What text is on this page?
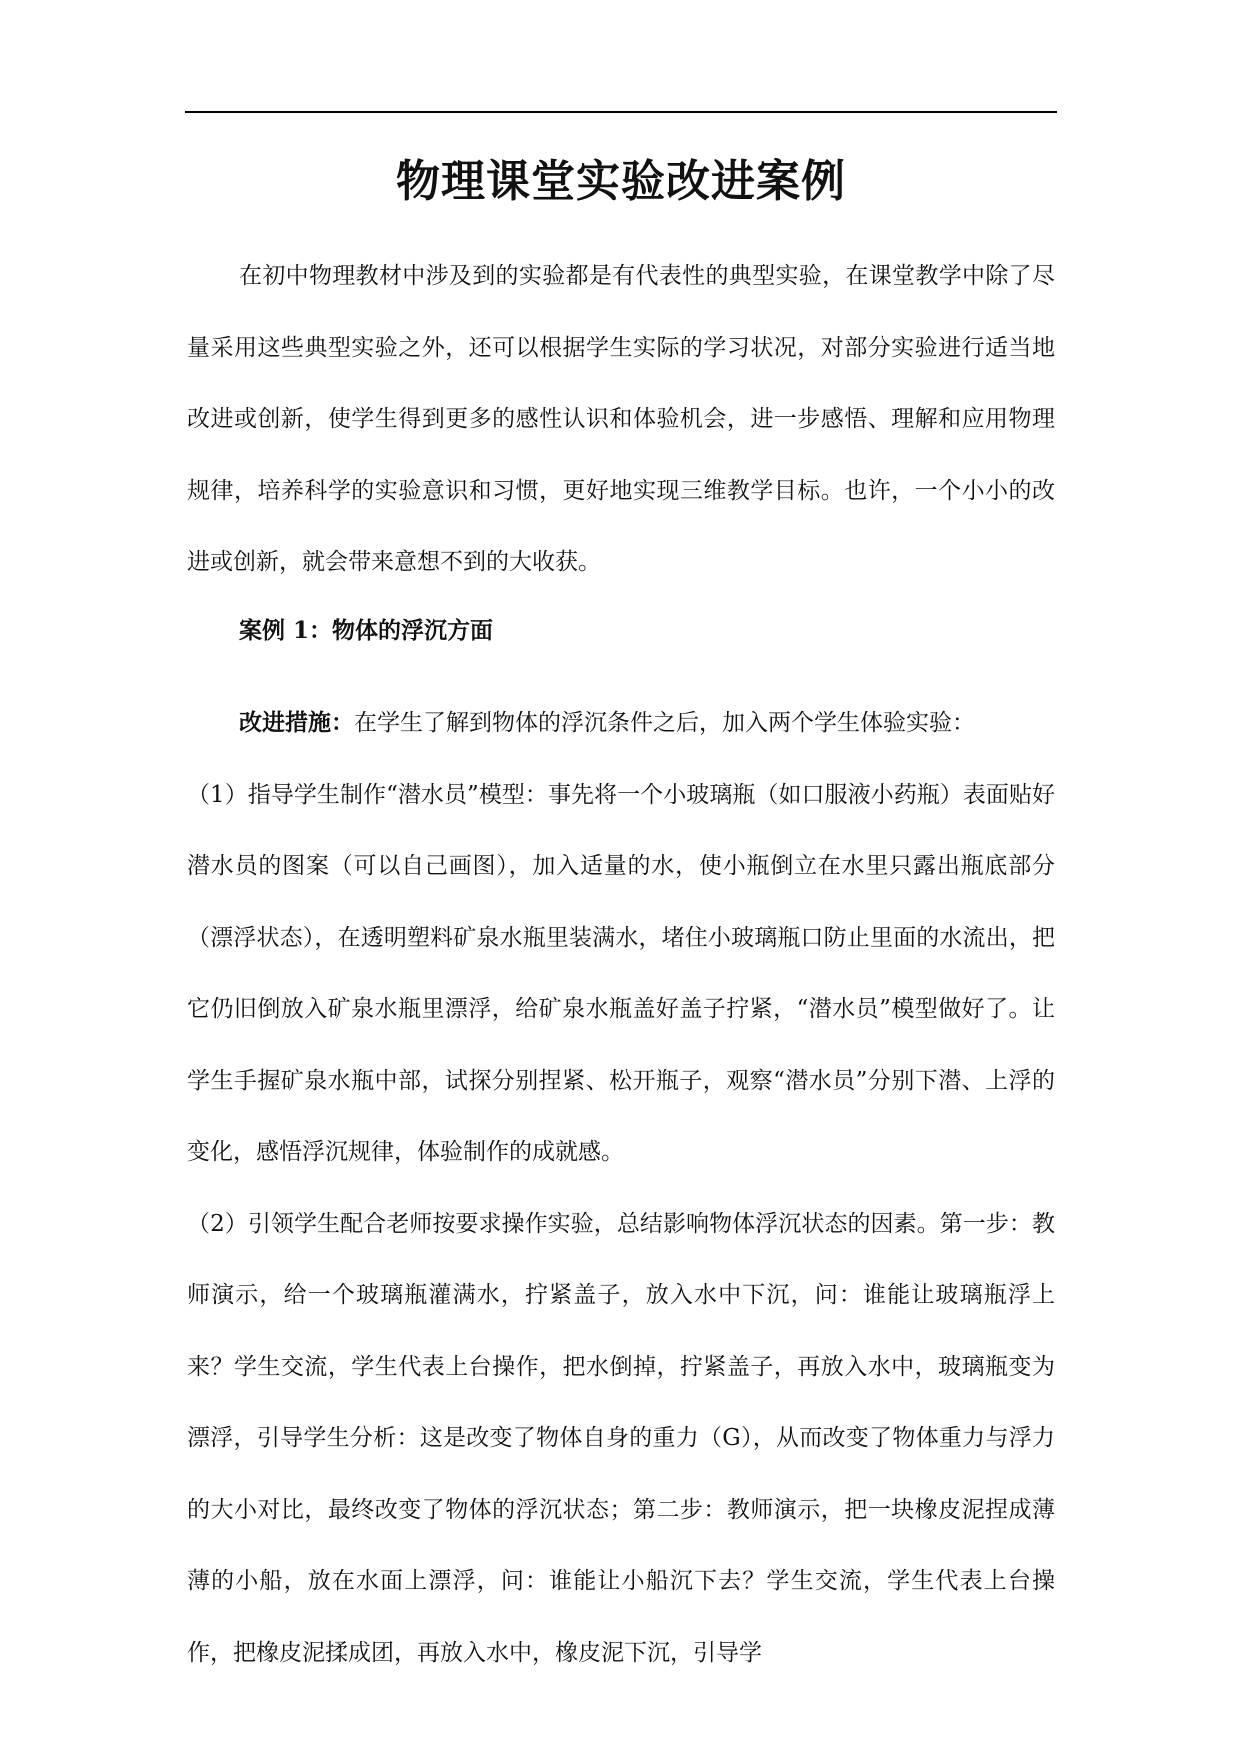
物理课堂实验改进案例

在初中物理教材中涉及到的实验都是有代表性的典型实验，在课堂教学中除了尽量采用这些典型实验之外，还可以根据学生实际的学习状况，对部分实验进行适当地改进或创新，使学生得到更多的感性认识和体验机会，进一步感悟、理解和应用物理规律，培养科学的实验意识和习惯，更好地实现三维教学目标。也许，一个小小的改进或创新，就会带来意想不到的大收获。

案例 1：物体的浮沉方面

改进措施：在学生了解到物体的浮沉条件之后，加入两个学生体验实验：

（1）指导学生制作“潜水员”模型：事先将一个小玻璃瓶（如口服液小药瓶）表面贴好潜水员的图案（可以自己画图），加入适量的水，使小瓶倒立在水里只露出瓶底部分（漂浮状态），在透明塑料矿泉水瓶里装满水，堵住小玻璃瓶口防止里面的水流出，把它仍旧倒放入矿泉水瓶里漂浮，给矿泉水瓶盖好盖子拧紧，“潜水员”模型做好了。让学生手握矿泉水瓶中部，试探分别捏紧、松开瓶子，观察“潜水员”分别下潜、上浮的变化，感悟浮沉规律，体验制作的成就感。

（2）引领学生配合老师按要求操作实验，总结影响物体浮沉状态的因素。第一步：教师演示，给一个玻璃瓶灌满水，拧紧盖子，放入水中下沉，问：谁能让玻璃瓶浮上来？学生交流，学生代表上台操作，把水倒掉，拧紧盖子，再放入水中，玻璃瓶变为漂浮，引导学生分析：这是改变了物体自身的重力（G），从而改变了物体重力与浮力的大小对比，最终改变了物体的浮沉状态；第二步：教师演示，把一块橡皮泥捏成薄薄的小船，放在水面上漂浮，问：谁能让小船沉下去？学生交流，学生代表上台操作，把橡皮泥揉成团，再放入水中，橡皮泥下沉，引导学
